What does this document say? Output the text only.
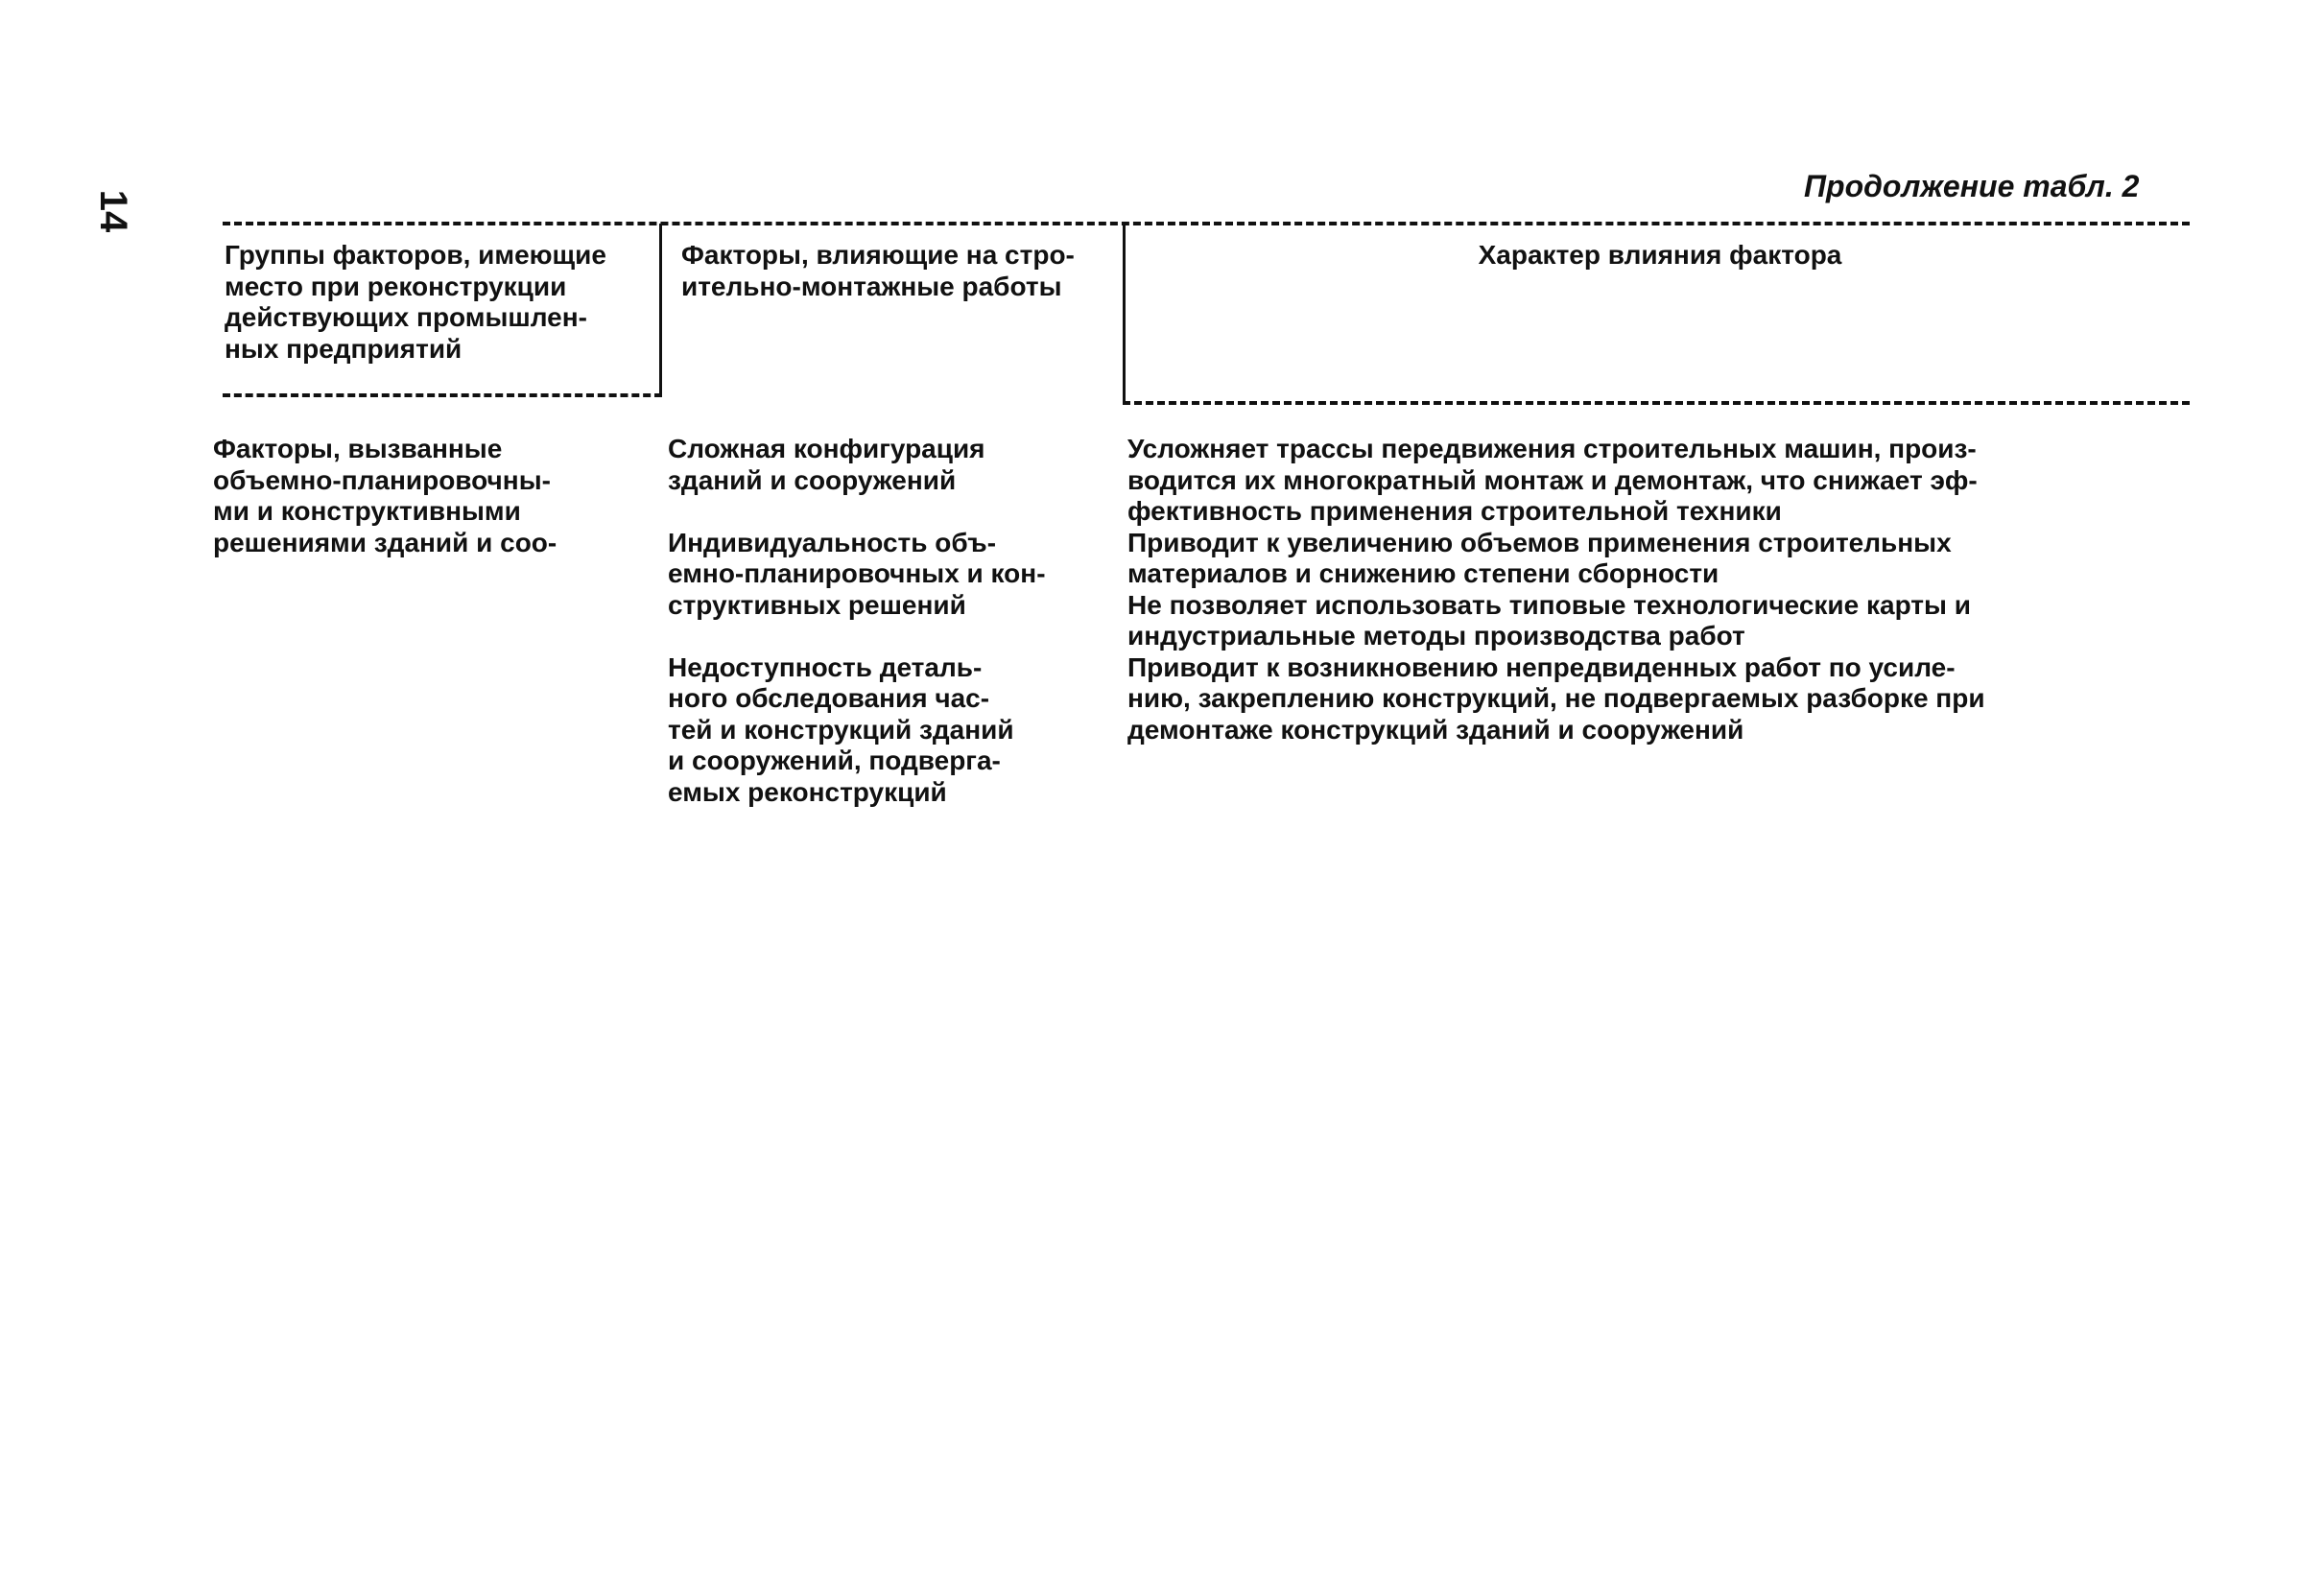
14
Продолжение табл. 2
Группы факторов, имеющие
место при реконструкции
действующих промышлен-
ных предприятий
Факторы, влияющие на стро-
ительно-монтажные работы
Характер влияния фактора
Факторы, вызванные
объемно-планировочны-
ми и конструктивными
решениями зданий и соо-
Сложная конфигурация
зданий и сооружений

Индивидуальность объ-
емно-планировочных и кон-
структивных решений

Недоступность деталь-
ного обследования час-
тей и конструкций зданий
и сооружений, подверга-
емых реконструкций
Усложняет трассы передвижения строительных машин, произ-
водится их многократный монтаж и демонтаж, что снижает эф-
фективность применения строительной техники
Приводит к увеличению объемов применения строительных
материалов и снижению степени сборности
Не позволяет использовать типовые технологические карты и
индустриальные методы производства работ
Приводит к возникновению непредвиденных работ по усиле-
нию, закреплению конструкций, не подвергаемых разборке при
демонтаже конструкций зданий и сооружений
